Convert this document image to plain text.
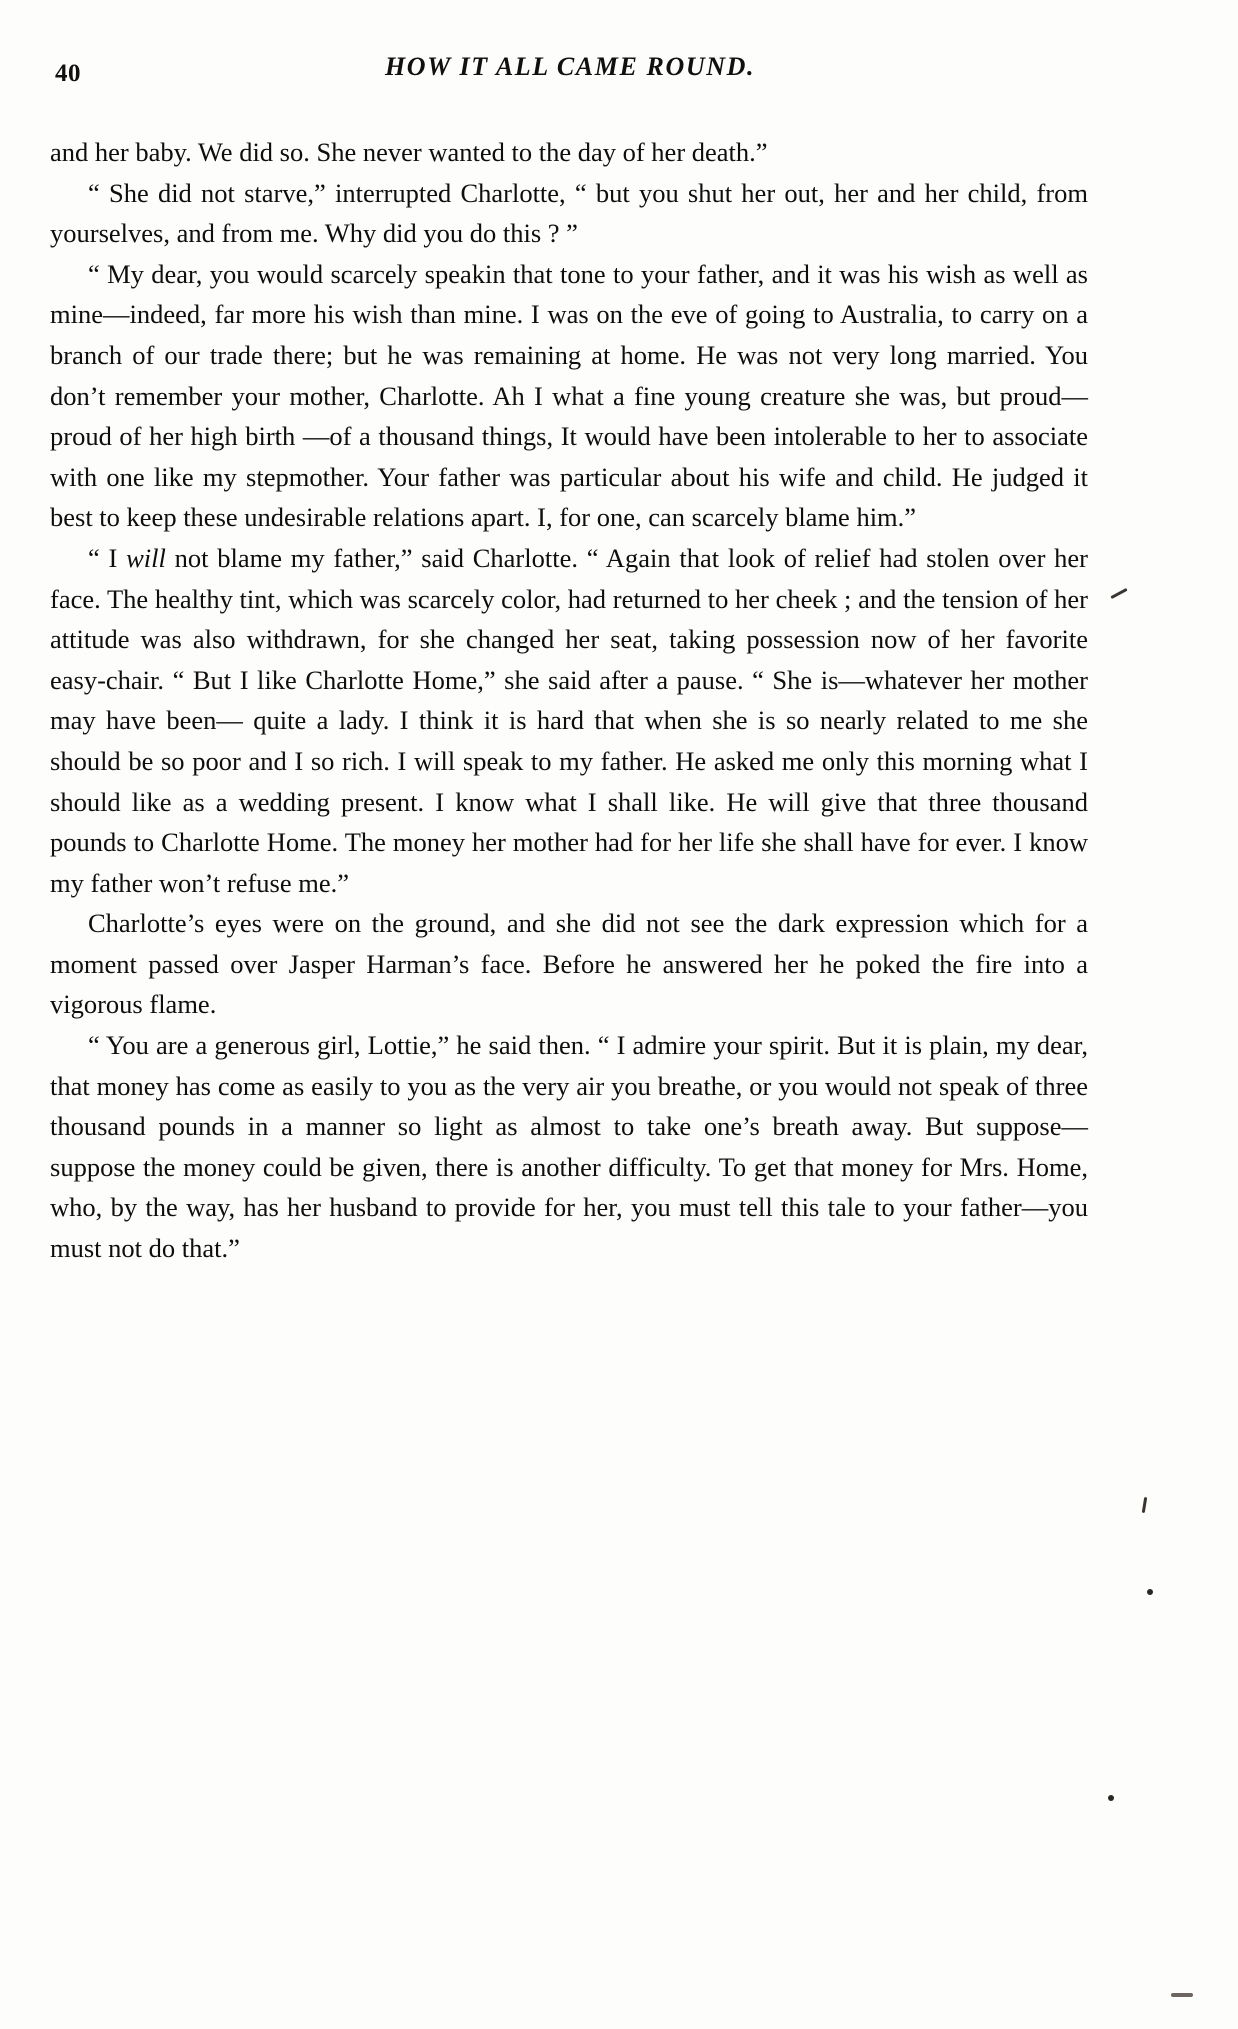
HOW IT ALL CAME ROUND.
40

and her baby. We did so. She never wanted to the day of her death.”

“ She did not starve,” interrupted Charlotte, “ but you shut her out, her and her child, from yourselves, and from me. Why did you do this ? ”

“ My dear, you would scarcely speakin that tone to your father, and it was his wish as well as mine—indeed, far more his wish than mine. I was on the eve of going to Australia, to carry on a branch of our trade there; but he was remaining at home. He was not very long married. You don’t remember your mother, Charlotte. Ah I what a fine young creature she was, but proud—proud of her high birth —of a thousand things, It would have been intolerable to her to associate with one like my stepmother. Your father was particular about his wife and child. He judged it best to keep these undesirable relations apart. I, for one, can scarcely blame him.”

“ I will not blame my father,” said Charlotte. “ Again that look of relief had stolen over her face. The healthy tint, which was scarcely color, had returned to her cheek ; and the tension of her attitude was also withdrawn, for she changed her seat, taking possession now of her favorite easy-chair. “ But I like Charlotte Home,” she said after a pause. “ She is—whatever her mother may have been— quite a lady. I think it is hard that when she is so nearly related to me she should be so poor and I so rich. I will speak to my father. He asked me only this morning what I should like as a wedding present. I know what I shall like. He will give that three thousand pounds to Charlotte Home. The money her mother had for her life she shall have for ever. I know my father won’t refuse me.”

Charlotte’s eyes were on the ground, and she did not see the dark expression which for a moment passed over Jasper Harman’s face. Before he answered her he poked the fire into a vigorous flame.

“ You are a generous girl, Lottie,” he said then. “ I admire your spirit. But it is plain, my dear, that money has come as easily to you as the very air you breathe, or you would not speak of three thousand pounds in a manner so light as almost to take one’s breath away. But suppose— suppose the money could be given, there is another difficulty. To get that money for Mrs. Home, who, by the way, has her husband to provide for her, you must tell this tale to your father—you must not do that.”
